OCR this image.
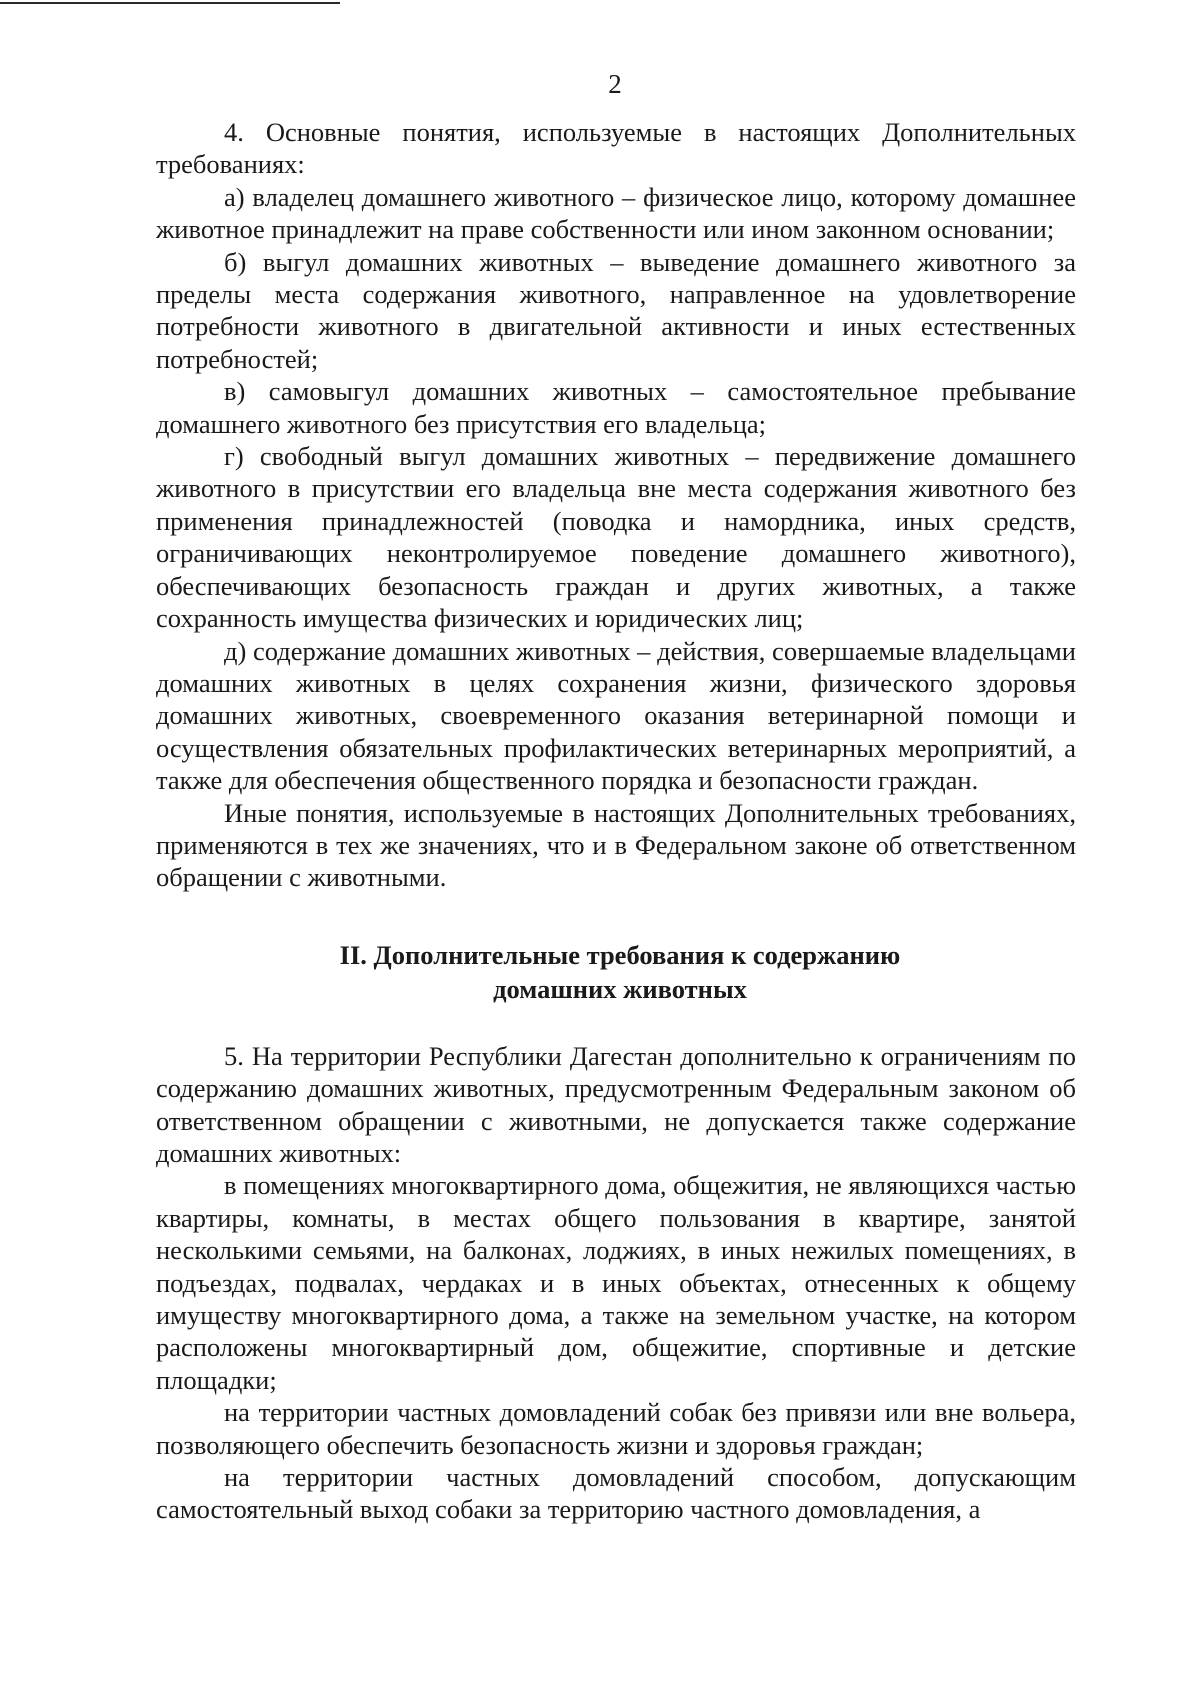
2

4. Основные понятия, используемые в настоящих Дополнительных требованиях:

а) владелец домашнего животного – физическое лицо, которому домашнее животное принадлежит на праве собственности или ином законном основании;

б) выгул домашних животных – выведение домашнего животного за пределы места содержания животного, направленное на удовлетворение потребности животного в двигательной активности и иных естественных потребностей;

в) самовыгул домашних животных – самостоятельное пребывание домашнего животного без присутствия его владельца;

г) свободный выгул домашних животных – передвижение домашнего животного в присутствии его владельца вне места содержания животного без применения принадлежностей (поводка и намордника, иных средств, ограничивающих неконтролируемое поведение домашнего животного), обеспечивающих безопасность граждан и других животных, а также сохранность имущества физических и юридических лиц;

д) содержание домашних животных – действия, совершаемые владельцами домашних животных в целях сохранения жизни, физического здоровья домашних животных, своевременного оказания ветеринарной помощи и осуществления обязательных профилактических ветеринарных мероприятий, а также для обеспечения общественного порядка и безопасности граждан.

Иные понятия, используемые в настоящих Дополнительных требованиях, применяются в тех же значениях, что и в Федеральном законе об ответственном обращении с животными.

II. Дополнительные требования к содержанию
домашних животных

5. На территории Республики Дагестан дополнительно к ограничениям по содержанию домашних животных, предусмотренным Федеральным законом об ответственном обращении с животными, не допускается также содержание домашних животных:

в помещениях многоквартирного дома, общежития, не являющихся частью квартиры, комнаты, в местах общего пользования в квартире, занятой несколькими семьями, на балконах, лоджиях, в иных нежилых помещениях, в подъездах, подвалах, чердаках и в иных объектах, отнесенных к общему имуществу многоквартирного дома, а также на земельном участке, на котором расположены многоквартирный дом, общежитие, спортивные и детские площадки;

на территории частных домовладений собак без привязи или вне вольера, позволяющего обеспечить безопасность жизни и здоровья граждан;

на территории частных домовладений способом, допускающим самостоятельный выход собаки за территорию частного домовладения, а
